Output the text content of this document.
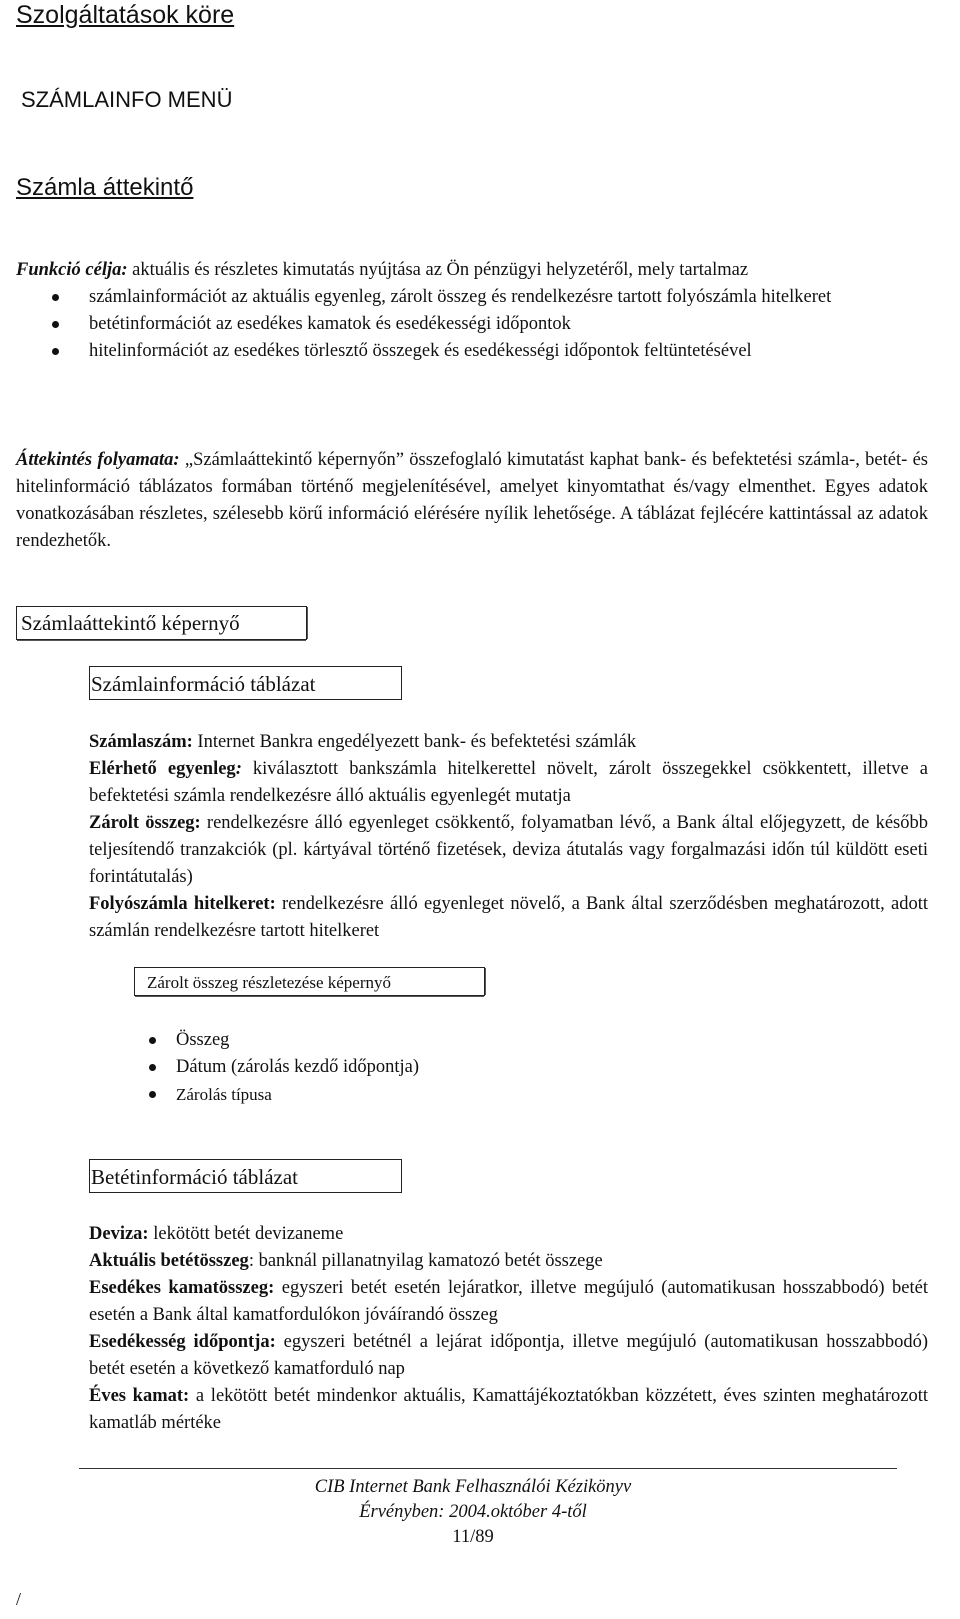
Szolgáltatások köre
SZÁMLAINFO MENÜ
Számla áttekintő

Funkció célja: aktuális és részletes kimutatás nyújtása az Ön pénzügyi helyzetéről, mely tartalmaz

számlainformációt az aktuális egyenleg, zárolt összeg és rendelkezésre tartott folyószámla hitelkeret
betétinformációt az esedékes kamatok és esedékességi időpontok
hitelinformációt az esedékes törlesztő összegek és esedékességi időpontok feltüntetésével

Áttekintés folyamata: „Számlaáttekintő képernyőn” összefoglaló kimutatást kaphat bank- és befektetési számla-, betét- és hitelinformáció táblázatos formában történő megjelenítésével, amelyet kinyomtathat és/vagy elmenthet. Egyes adatok vonatkozásában részletes, szélesebb körű információ elérésére nyílik lehetősége. A táblázat fejlécére kattintással az adatok rendezhetők.

Számlaáttekintő képernyő
Számlainformáció táblázat

Számlaszám: Internet Bankra engedélyezett bank- és befektetési számlák

Elérhető egyenleg: kiválasztott bankszámla hitelkerettel növelt, zárolt összegekkel csökkentett, illetve a befektetési számla rendelkezésre álló aktuális egyenlegét mutatja

Zárolt összeg: rendelkezésre álló egyenleget csökkentő, folyamatban lévő, a Bank által előjegyzett, de később teljesítendő tranzakciók (pl. kártyával történő fizetések, deviza átutalás vagy forgalmazási időn túl küldött eseti forintátutalás)

Folyószámla hitelkeret: rendelkezésre álló egyenleget növelő, a Bank által szerződésben meghatározott, adott számlán rendelkezésre tartott hitelkeret

Zárolt összeg részletezése képernyő
Összeg
Dátum (zárolás kezdő időpontja)
Zárolás típusa
Betétinformáció táblázat

Deviza: lekötött betét devizaneme

Aktuális betétösszeg: banknál pillanatnyilag kamatozó betét összege

Esedékes kamatösszeg: egyszeri betét esetén lejáratkor, illetve megújuló (automatikusan hosszabbodó) betét esetén a Bank által kamatfordulókon jóváírandó összeg

Esedékesség időpontja: egyszeri betétnél a lejárat időpontja, illetve megújuló (automatikusan hosszabbodó) betét esetén a következő kamatforduló nap

Éves kamat: a lekötött betét mindenkor aktuális, Kamattájékoztatókban közzétett, éves szinten meghatározott kamatláb mértéke

CIB Internet Bank Felhasználói Kézikönyv
Érvényben: 2004.október 4-től
11/89
/
